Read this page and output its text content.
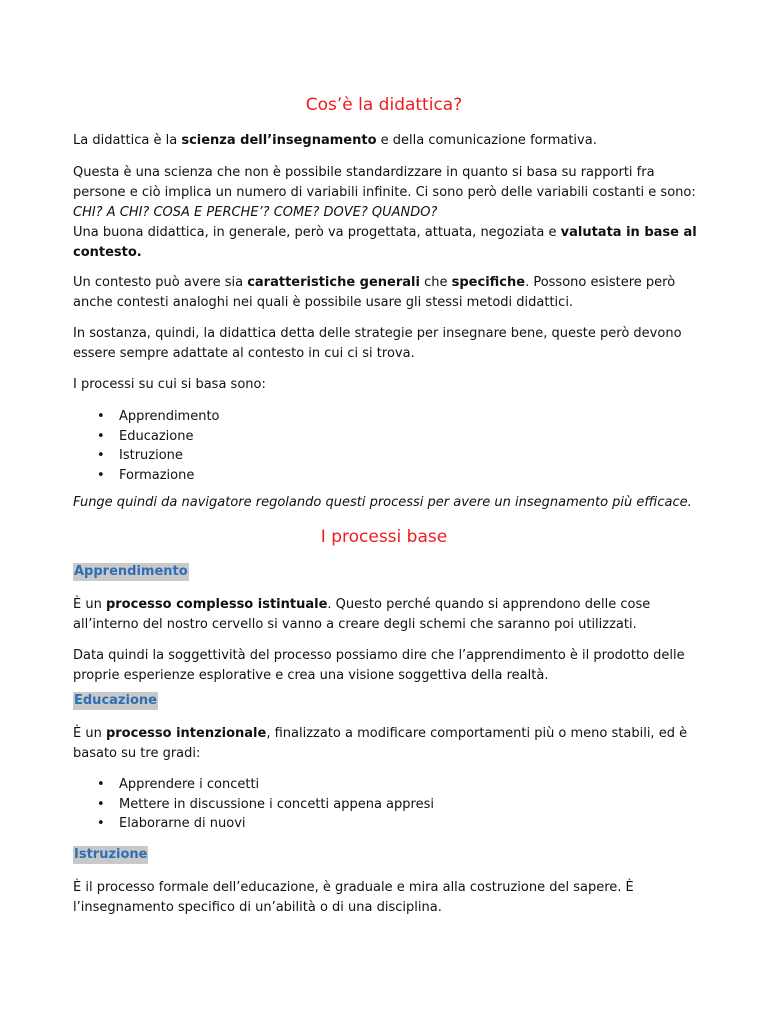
Cos’è la didattica?

La didattica è la scienza dell’insegnamento e della comunicazione formativa.

Questa è una scienza che non è possibile standardizzare in quanto si basa su rapporti fra persone e ciò implica un numero di variabili infinite. Ci sono però delle variabili costanti e sono: CHI? A CHI? COSA E PERCHE’? COME? DOVE? QUANDO?
Una buona didattica, in generale, però va progettata, attuata, negoziata e valutata in base al contesto.

Un contesto può avere sia caratteristiche generali che specifiche. Possono esistere però anche contesti analoghi nei quali è possibile usare gli stessi metodi didattici.

In sostanza, quindi, la didattica detta delle strategie per insegnare bene, queste però devono essere sempre adattate al contesto in cui ci si trova.

I processi su cui si basa sono:

• Apprendimento
• Educazione
• Istruzione
• Formazione

Funge quindi da navigatore regolando questi processi per avere un insegnamento più efficace.

I processi base
Apprendimento

È un processo complesso istintuale. Questo perché quando si apprendono delle cose all’interno del nostro cervello si vanno a creare degli schemi che saranno poi utilizzati.

Data quindi la soggettività del processo possiamo dire che l’apprendimento è il prodotto delle proprie esperienze esplorative e crea una visione soggettiva della realtà.

Educazione

È un processo intenzionale, finalizzato a modificare comportamenti più o meno stabili, ed è basato su tre gradi:

• Apprendere i concetti
• Mettere in discussione i concetti appena appresi
• Elaborarne di nuovi
Istruzione

È il processo formale dell’educazione, è graduale e mira alla costruzione del sapere. È l’insegnamento specifico di un’abilità o di una disciplina.
